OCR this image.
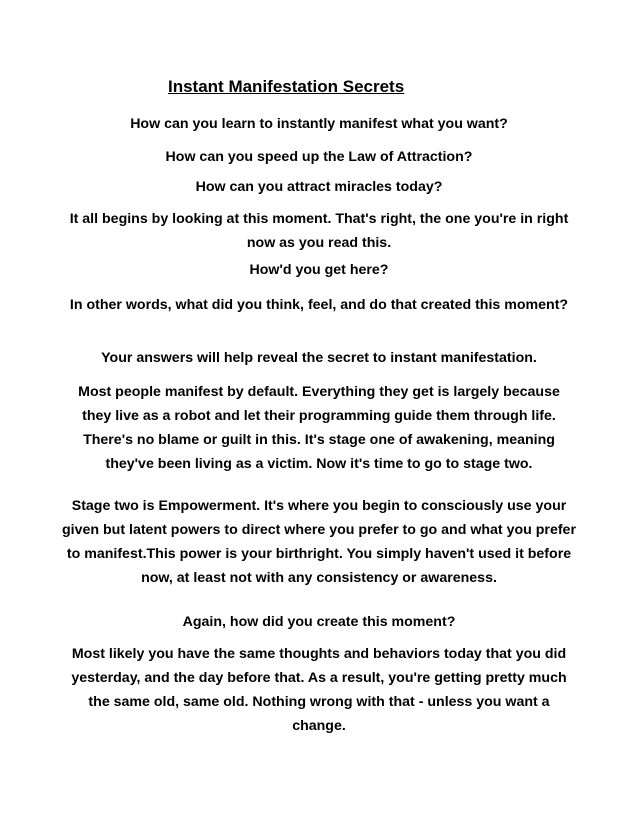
Instant Manifestation Secrets

How can you learn to instantly manifest what you want?

How can you speed up the Law of Attraction?

How can you attract miracles today?

It all begins by looking at this moment. That's right, the one you're in right now as you read this.

How'd you get here?

In other words, what did you think, feel, and do that created this moment?

Your answers will help reveal the secret to instant manifestation.

Most people manifest by default. Everything they get is largely because they live as a robot and let their programming guide them through life. There's no blame or guilt in this. It's stage one of awakening, meaning they've been living as a victim. Now it's time to go to stage two.

Stage two is Empowerment. It's where you begin to consciously use your given but latent powers to direct where you prefer to go and what you prefer to manifest.This power is your birthright. You simply haven't used it before now, at least not with any consistency or awareness.

Again, how did you create this moment?

Most likely you have the same thoughts and behaviors today that you did yesterday, and the day before that. As a result, you're getting pretty much the same old, same old. Nothing wrong with that - unless you want a change.
